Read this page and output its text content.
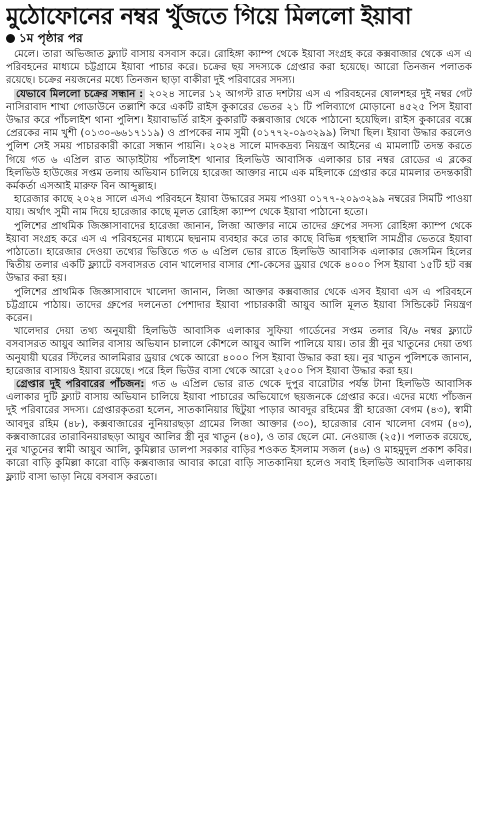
মুঠোফোনের নম্বর খুঁজতে গিয়ে মিললো ইয়াবা
১ম পৃষ্ঠার পর

মেলে। তারা অভিজাত ফ্ল্যাট বাসায় বসবাস করে। রোহিঙ্গা ক্যাম্প থেকে ইয়াবা সংগ্রহ করে কক্সবাজার থেকে এস এ পরিবহনের মাধ্যমে চট্টগ্রামে ইয়াবা পাচার করে। চক্রের ছয় সদস্যকে গ্রেপ্তার করা হয়েছে। আরো তিনজন পলাতক রয়েছে। চক্রের নয়জনের মধ্যে তিনজন ছাড়া বাকীরা দুই পরিবারের সদস্য।

যেভাবে মিললো চক্রের সন্ধান : ২০২৪ সালের ১২ আগস্ট রাত দশটায় এস এ পরিবহনের ষোলশহর দুই নম্বর গেট নাসিরাবাদ শাখা গোডাউনে তল্লাশি করে একটি রাইস কুকারের ভেতর ২১ টি পলিব্যাগে মোড়ানো ৪৫২৫ পিস ইয়াবা উদ্ধার করে পাঁচলাইশ থানা পুলিশ। ইয়াবাভর্তি রাইস কুকারটি কক্সবাজার থেকে পাঠানো হয়েছিল। রাইস কুকারের বক্সে প্রেরকের নাম খুশী (০১৩০-৬৬১৭১১৯) ও প্রাপকের নাম সুমী (০১৭৭২-০৯৩২৯৯) লিখা ছিল। ইয়াবা উদ্ধার করলেও পুলিশ সেই সময় পাচারকারী কারো সন্ধান পায়নি। ২০২৪ সালে মাদকদ্রব্য নিয়ন্ত্রণ আইনের এ মামলাটি তদন্ত করতে গিয়ে গত ৬ এপ্রিল রাত আড়াইটায় পাঁচলাইশ থানার হিলভিউ আবাসিক এলাকার চার নম্বর রোডের এ ব্লকের হিলভিউ হাউজের সপ্তম তলায় অভিযান চালিয়ে হারেজা আক্তার নামে এক মহিলাকে গ্রেপ্তার করে মামলার তদন্তকারী কর্মকর্তা এসআই মারুফ বিন আব্দুল্লাহ।

হারেজার কাছে ২০২৪ সালে এসএ পরিবহনে ইয়াবা উদ্ধারের সময় পাওয়া ০১৭৭-২০৯৩২৯৯ নম্বরের সিমটি পাওয়া যায়। অর্থাৎ সুমী নাম দিয়ে হারেজার কাছে মূলত রোহিঙ্গা ক্যাম্প থেকে ইয়াবা পাঠানো হতো।

পুলিশের প্রাথমিক জিজ্ঞাসাবাদের হারেজা জানান, লিজা আক্তার নামে তাদের গ্রুপের সদস্য রোহিঙ্গা ক্যাম্প থেকে ইয়াবা সংগ্রহ করে এস এ পরিবহনের মাধ্যমে ছদ্মনাম ব্যবহার করে তার কাছে বিভিন্ন গৃহস্থালি সামগ্রীর ভেতরে ইয়াবা পাঠাতো। হারেজার দেওয়া তথ্যের ভিত্তিতে গত ৬ এপ্রিল ভোর রাতে হিলভিউ আবাসিক এলাকার জেসমিন হিলের দ্বিতীয় তলার একটি ফ্ল্যাটে বসবাসরত বোন খালেদার বাসার শো-কেসের ড্রয়ার থেকে ৪০০০ পিস ইয়াবা ১৫টি হট বক্স উদ্ধার করা হয়।

পুলিশের প্রাথমিক জিজ্ঞাসাবাদে খালেদা জানান, লিজা আক্তার কক্সবাজার থেকে এসব ইয়াবা এস এ পরিবহনে চট্টগ্রামে পাঠায়। তাদের গ্রুপের দলনেতা পেশাদার ইয়াবা পাচারকারী আয়ুব আলি মূলত ইয়াবা সিন্ডিকেট নিয়ন্ত্রণ করেন।

খালেদার দেয়া তথ্য অনুযায়ী হিলভিউ আবাসিক এলাকার সুফিয়া গার্ডেনের সপ্তম তলার বি/৬ নম্বর ফ্ল্যাটে বসবাসরত আয়ুব আলির বাসায় অভিযান চালালে কৌশলে আয়ুব আলি পালিয়ে যায়। তার স্ত্রী নুর খাতুনের দেয়া তথ্য অনুযায়ী ঘরের স্টিলের আলমিরার ড্রয়ার থেকে আরো ৪০০০ পিস ইয়াবা উদ্ধার করা হয়। নুর খাতুন পুলিশকে জানান, হারেজার বাসায়ও ইয়াবা রয়েছে। পরে হিল ভিউর বাসা থেকে আরো ২৫০০ পিস ইয়াবা উদ্ধার করা হয়।

গ্রেপ্তার দুই পরিবারের পাঁচজন: গত ৬ এপ্রিল ভোর রাত থেকে দুপুর বারোটার পর্যন্ত টানা হিলভিউ আবাসিক এলাকার দুটি ফ্ল্যাট বাসায় অভিযান চালিয়ে ইয়াবা পাচারের অভিযোগে ছয়জনকে গ্রেপ্তার করে। এদের মধ্যে পাঁচজন দুই পরিবারের সদস্য। গ্রেপ্তারকৃতরা হলেন, সাতকানিয়ার ছিটুয়া পাড়ার আবদুর রহিমের স্ত্রী হারেজা বেগম (৪৩), স্বামী আবদুর রহিম (৪৮), কক্সবাজারের নুনিয়ারছড়া গ্রামের লিজা আক্তার (৩০), হারেজার বোন খালেদা বেগম (৪৩), কক্সবাজারের তারাবিনয়ারছড়া আয়ুব আলির স্ত্রী নুর খাতুন (৪০), ও তার ছেলে মো. নেওয়াজ (২৫)। পলাতক রয়েছে, নুর খাতুনের স্বামী আয়ুব আলি, কুমিল্লার ডালপা সরকার বাড়ির শওকত ইসলাম সজল (৪৬) ও মাহমুদুল প্রকাশ কবির। কারো বাড়ি কুমিল্লা কারো বাড়ি কক্সবাজার আবার কারো বাড়ি সাতকানিয়া হলেও সবাই হিলভিউ আবাসিক এলাকায় ফ্ল্যাট বাসা ভাড়া নিয়ে বসবাস করতো।
